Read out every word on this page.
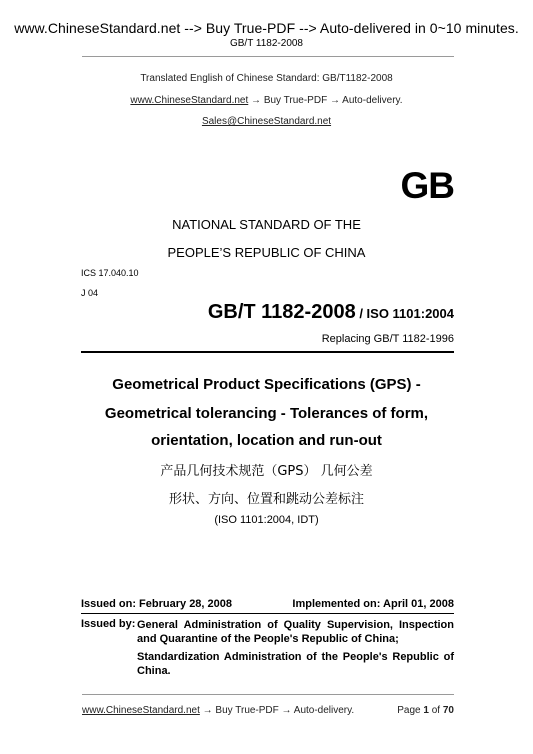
www.ChineseStandard.net --> Buy True-PDF --> Auto-delivered in 0~10 minutes.
GB/T 1182-2008
Translated English of Chinese Standard: GB/T1182-2008
www.ChineseStandard.net → Buy True-PDF → Auto-delivery.
Sales@ChineseStandard.net
GB
NATIONAL STANDARD OF THE
PEOPLE’S REPUBLIC OF CHINA
ICS 17.040.10
J 04
GB/T 1182-2008 / ISO 1101:2004
Replacing GB/T 1182-1996
Geometrical Product Specifications (GPS) -
Geometrical tolerancing - Tolerances of form,
orientation, location and run-out
产品几何技术规范（GPS） 几何公差
形状、方向、位置和跳动公差标注
(ISO 1101:2004, IDT)
Issued on: February 28, 2008	Implemented on: April 01, 2008
Issued by: General Administration of Quality Supervision, Inspection and Quarantine of the People's Republic of China;
Standardization Administration of the People's Republic of China.
www.ChineseStandard.net → Buy True-PDF → Auto-delivery.	Page 1 of 70
